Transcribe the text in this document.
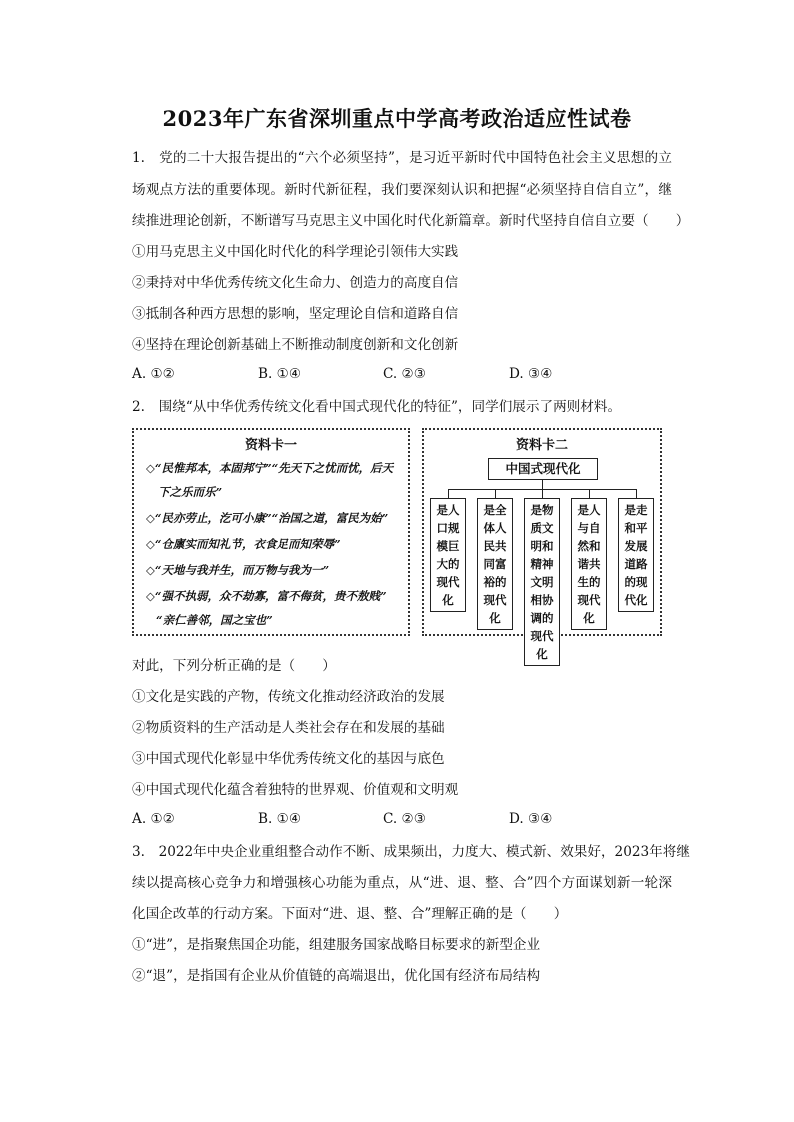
2023年广东省深圳重点中学高考政治适应性试卷
1.　党的二十大报告提出的“六个必须坚持”，是习近平新时代中国特色社会主义思想的立
场观点方法的重要体现。新时代新征程，我们要深刻认识和把握“必须坚持自信自立”，继
续推进理论创新，不断谱写马克思主义中国化时代化新篇章。新时代坚持自信自立要（　　）
①用马克思主义中国化时代化的科学理论引领伟大实践
②秉持对中华优秀传统文化生命力、创造力的高度自信
③抵制各种西方思想的影响，坚定理论自信和道路自信
④坚持在理论创新基础上不断推动制度创新和文化创新
A. ①②	B. ①④	C. ②③	D. ③④
2.　围绕“从中华优秀传统文化看中国式现代化的特征”，同学们展示了两则材料。
资料卡一
◇“民惟邦本，本固邦宁”“先天下之忧而忧，后天
下之乐而乐”
◇“民亦劳止，汔可小康”“治国之道，富民为始”
◇“仓廪实而知礼节，衣食足而知荣辱”
◇“天地与我并生，而万物与我为一”
◇“强不执弱，众不劫寡，富不侮贫，贵不敖贱”
“亲仁善邻，国之宝也”
资料卡二
中国式现代化
是人口规模巨大的现代化
是全体人民共同富裕的现代化
是物质文明和精神文明相协调的现代化
是人与自然和谐共生的现代化
是走和平发展道路的现代化
对此，下列分析正确的是（　　）
①文化是实践的产物，传统文化推动经济政治的发展
②物质资料的生产活动是人类社会存在和发展的基础
③中国式现代化彰显中华优秀传统文化的基因与底色
④中国式现代化蕴含着独特的世界观、价值观和文明观
A. ①②	B. ①④	C. ②③	D. ③④
3.　2022年中央企业重组整合动作不断、成果频出，力度大、模式新、效果好，2023年将继
续以提高核心竞争力和增强核心功能为重点，从“进、退、整、合”四个方面谋划新一轮深
化国企改革的行动方案。下面对“进、退、整、合”理解正确的是（　　）
①“进”，是指聚焦国企功能，组建服务国家战略目标要求的新型企业
②“退”，是指国有企业从价值链的高端退出，优化国有经济布局结构
